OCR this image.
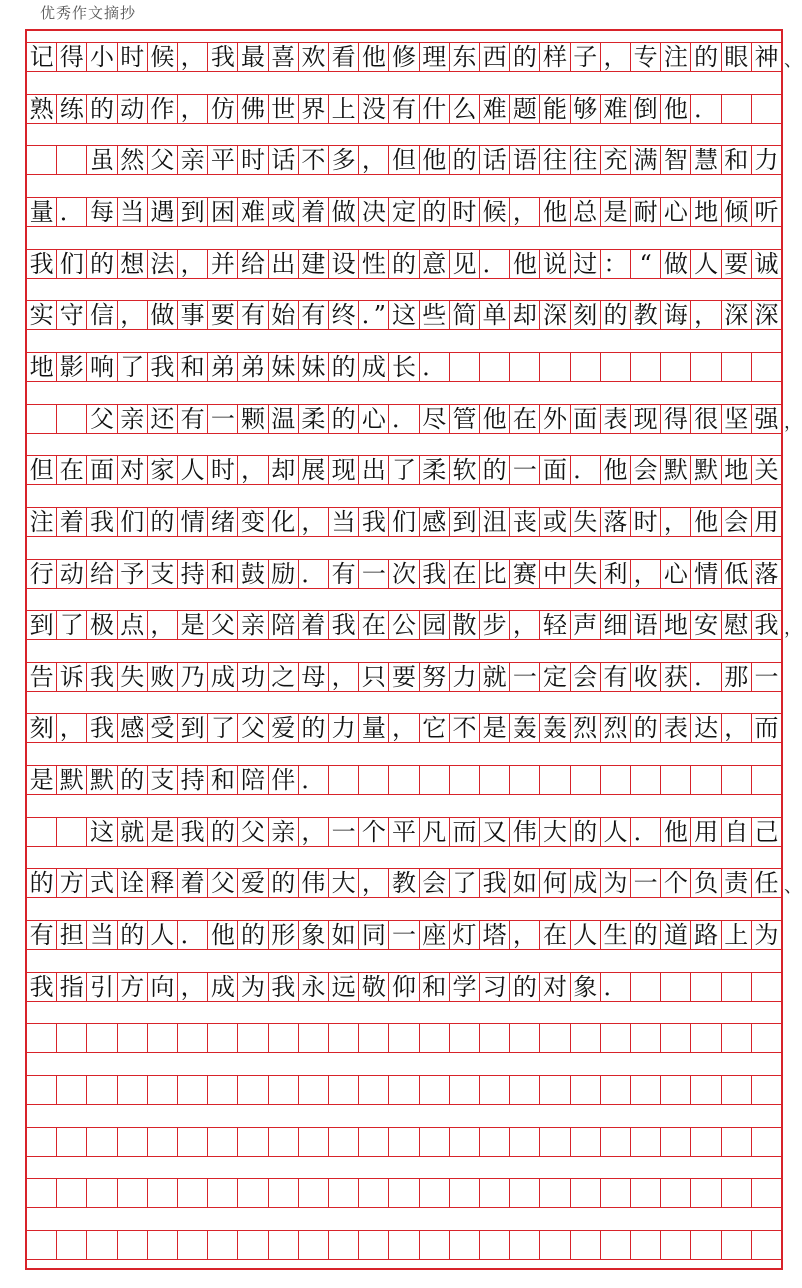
优秀作文摘抄
记 得 小 时 候 ， 我 最 喜 欢 看 他 修 理 东 西 的 样 子 ， 专 注 的 眼 神
熟 练 的 动 作 ， 仿 佛 世 界 上 没 有 什 么 难 题 能 够 难 倒 他 ．
虽 然 父 亲 平 时 话 不 多 ， 但 他 的 话 语 往 往 充 满 智 慧 和 力
量 ． 每 当 遇 到 困 难 或 着 做 决 定 的 时 候 ， 他 总 是 耐 心 地 倾 听
我 们 的 想 法 ， 并 给 出 建 设 性 的 意 见 ． 他 说 过 ： “ 做 人 要 诚
实 守 信 ， 做 事 要 有 始 有 终 ．” 这 些 简 单 却 深 刻 的 教 诲 ， 深 深
地 影 响 了 我 和 弟 弟 妹 妹 的 成 长 ．
父 亲 还 有 一 颗 温 柔 的 心 ． 尽 管 他 在 外 面 表 现 得 很 坚 强
但 在 面 对 家 人 时 ， 却 展 现 出 了 柔 软 的 一 面 ． 他 会 默 默 地 关
注 着 我 们 的 情 绪 变 化 ， 当 我 们 感 到 沮 丧 或 失 落 时 ， 他 会 用
行 动 给 予 支 持 和 鼓 励 ． 有 一 次 我 在 比 赛 中 失 利 ， 心 情 低 落
到 了 极 点 ， 是 父 亲 陪 着 我 在 公 园 散 步 ， 轻 声 细 语 地 安 慰 我
告 诉 我 失 败 乃 成 功 之 母 ， 只 要 努 力 就 一 定 会 有 收 获 ． 那 一
刻 ， 我 感 受 到 了 父 爱 的 力 量 ， 它 不 是 轰 轰 烈 烈 的 表 达 ， 而
是 默 默 的 支 持 和 陪 伴 ．
这 就 是 我 的 父 亲 ， 一 个 平 凡 而 又 伟 大 的 人 ． 他 用 自 己
的 方 式 诠 释 着 父 爱 的 伟 大 ， 教 会 了 我 如 何 成 为 一 个 负 责 任
有 担 当 的 人 ． 他 的 形 象 如 同 一 座 灯 塔 ， 在 人 生 的 道 路 上 为
我 指 引 方 向 ， 成 为 我 永 远 敬 仰 和 学 习 的 对 象 ．
、
，
，
、
